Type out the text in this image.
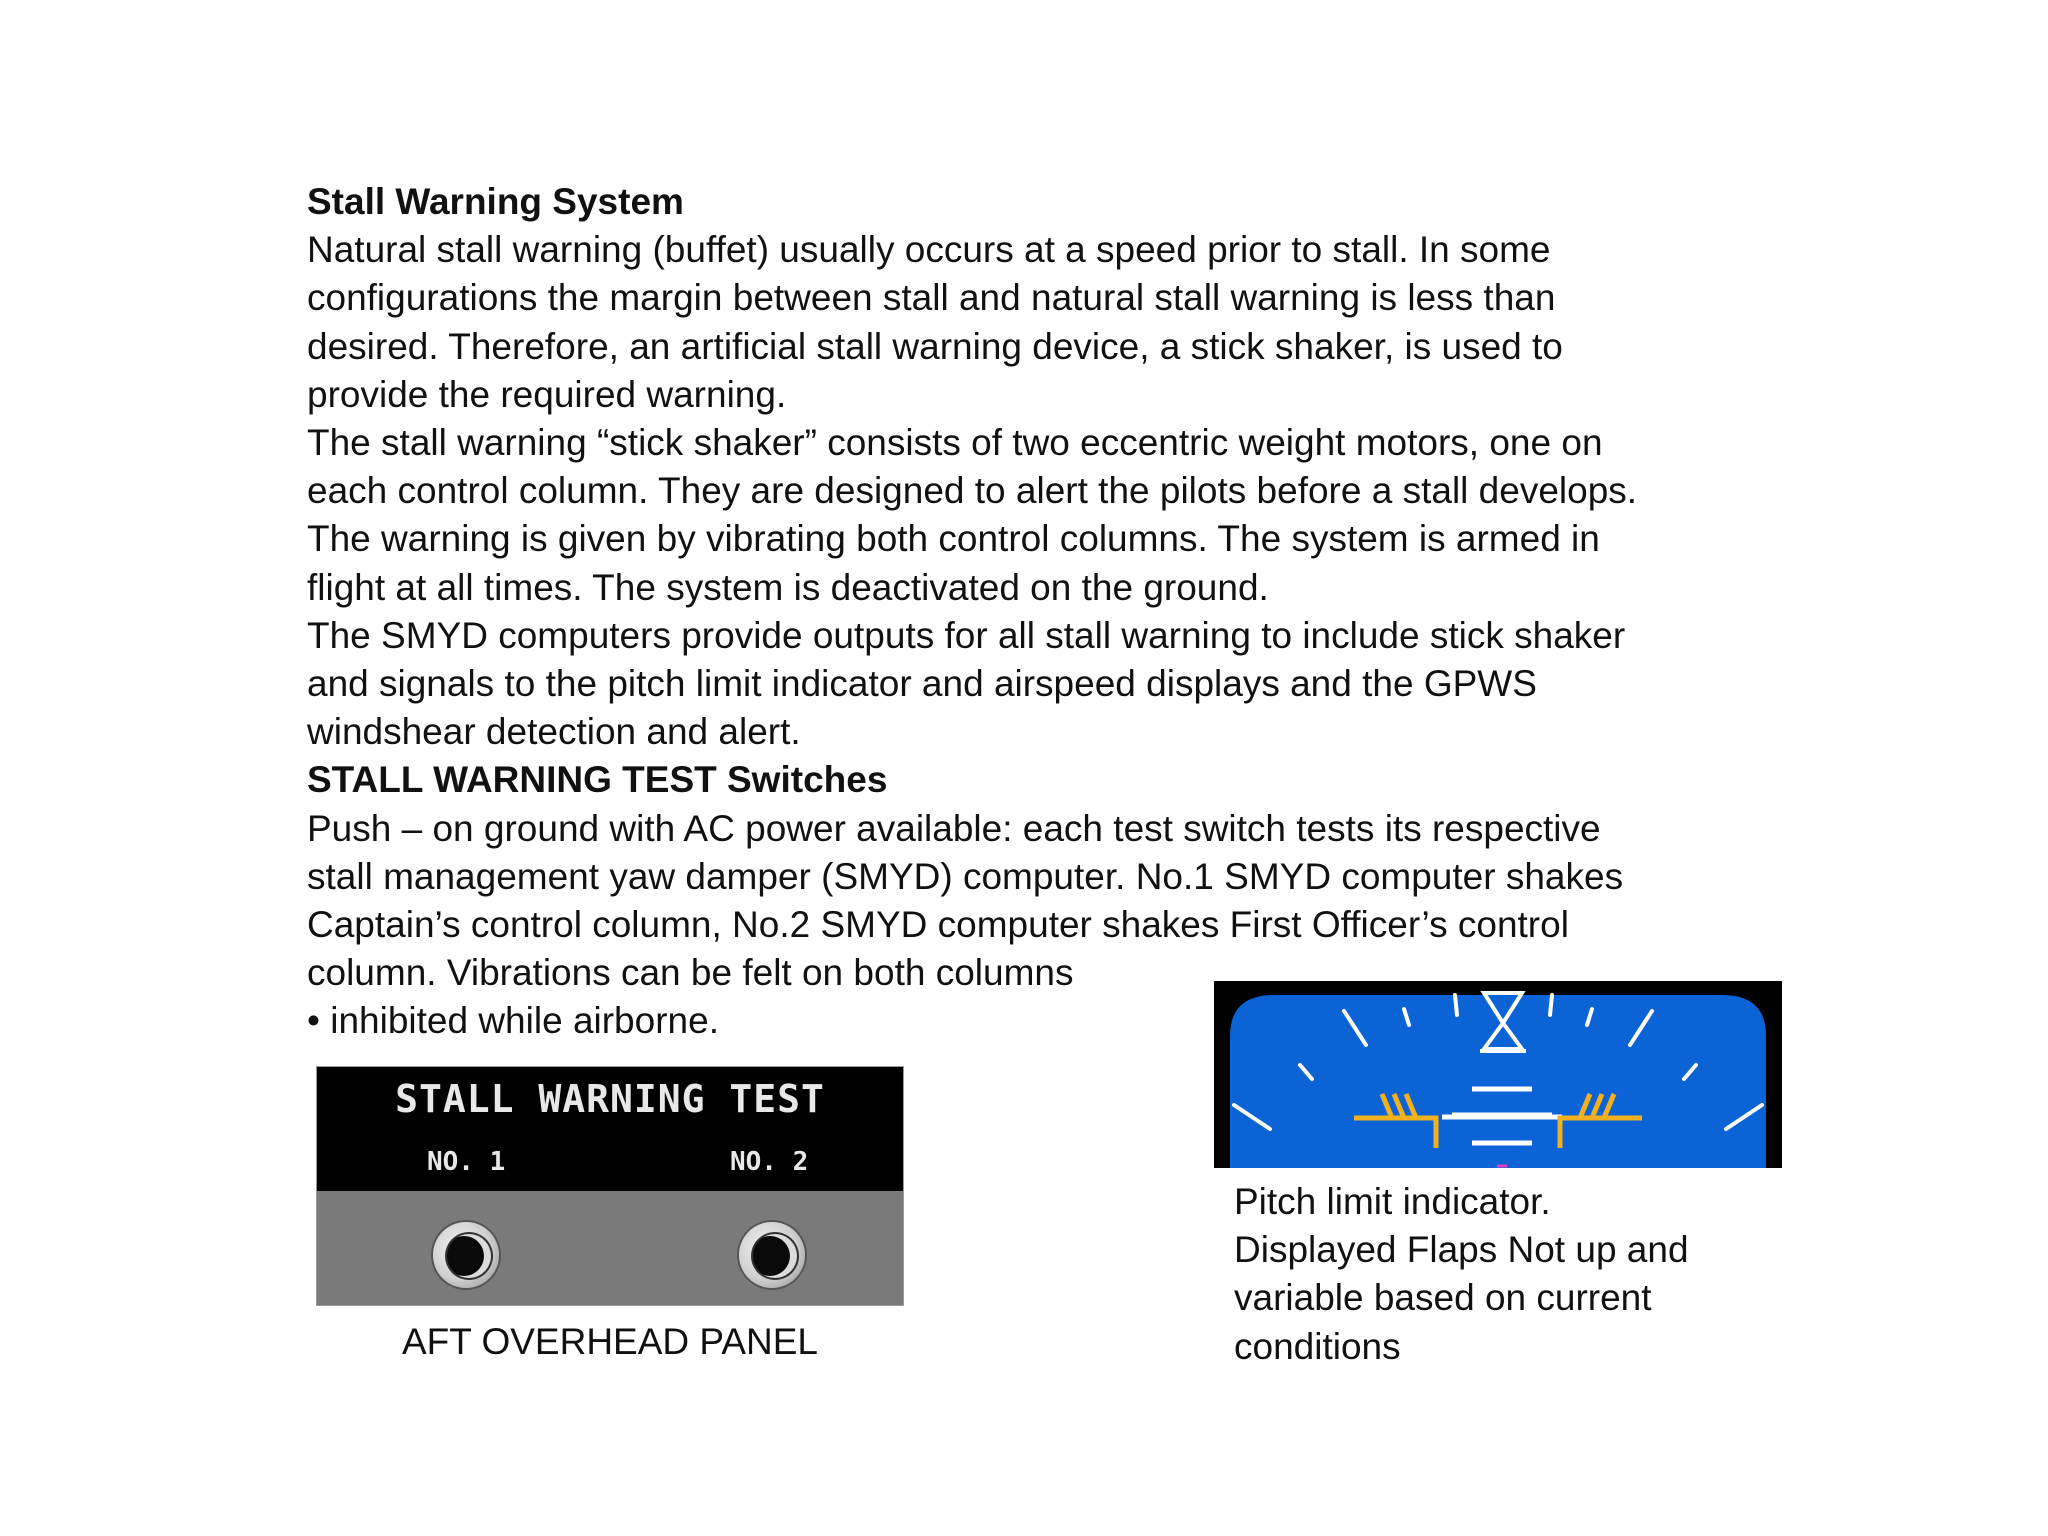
Stall Warning System
Natural stall warning (buffet) usually occurs at a speed prior to stall. In some
configurations the margin between stall and natural stall warning is less than
desired. Therefore, an artificial stall warning device, a stick shaker, is used to
provide the required warning.
The stall warning “stick shaker” consists of two eccentric weight motors, one on
each control column. They are designed to alert the pilots before a stall develops.
The warning is given by vibrating both control columns. The system is armed in
flight at all times. The system is deactivated on the ground.
The SMYD computers provide outputs for all stall warning to include stick shaker
and signals to the pitch limit indicator and airspeed displays and the GPWS
windshear detection and alert.
STALL WARNING TEST Switches
Push – on ground with AC power available: each test switch tests its respective
stall management yaw damper (SMYD) computer. No.1 SMYD computer shakes
Captain’s control column, No.2 SMYD computer shakes First Officer’s control
column. Vibrations can be felt on both columns
• inhibited while airborne.
STALL WARNING TEST
NO. 1	NO. 2
AFT OVERHEAD PANEL
Pitch limit indicator.
Displayed Flaps Not up and
variable based on current
conditions
